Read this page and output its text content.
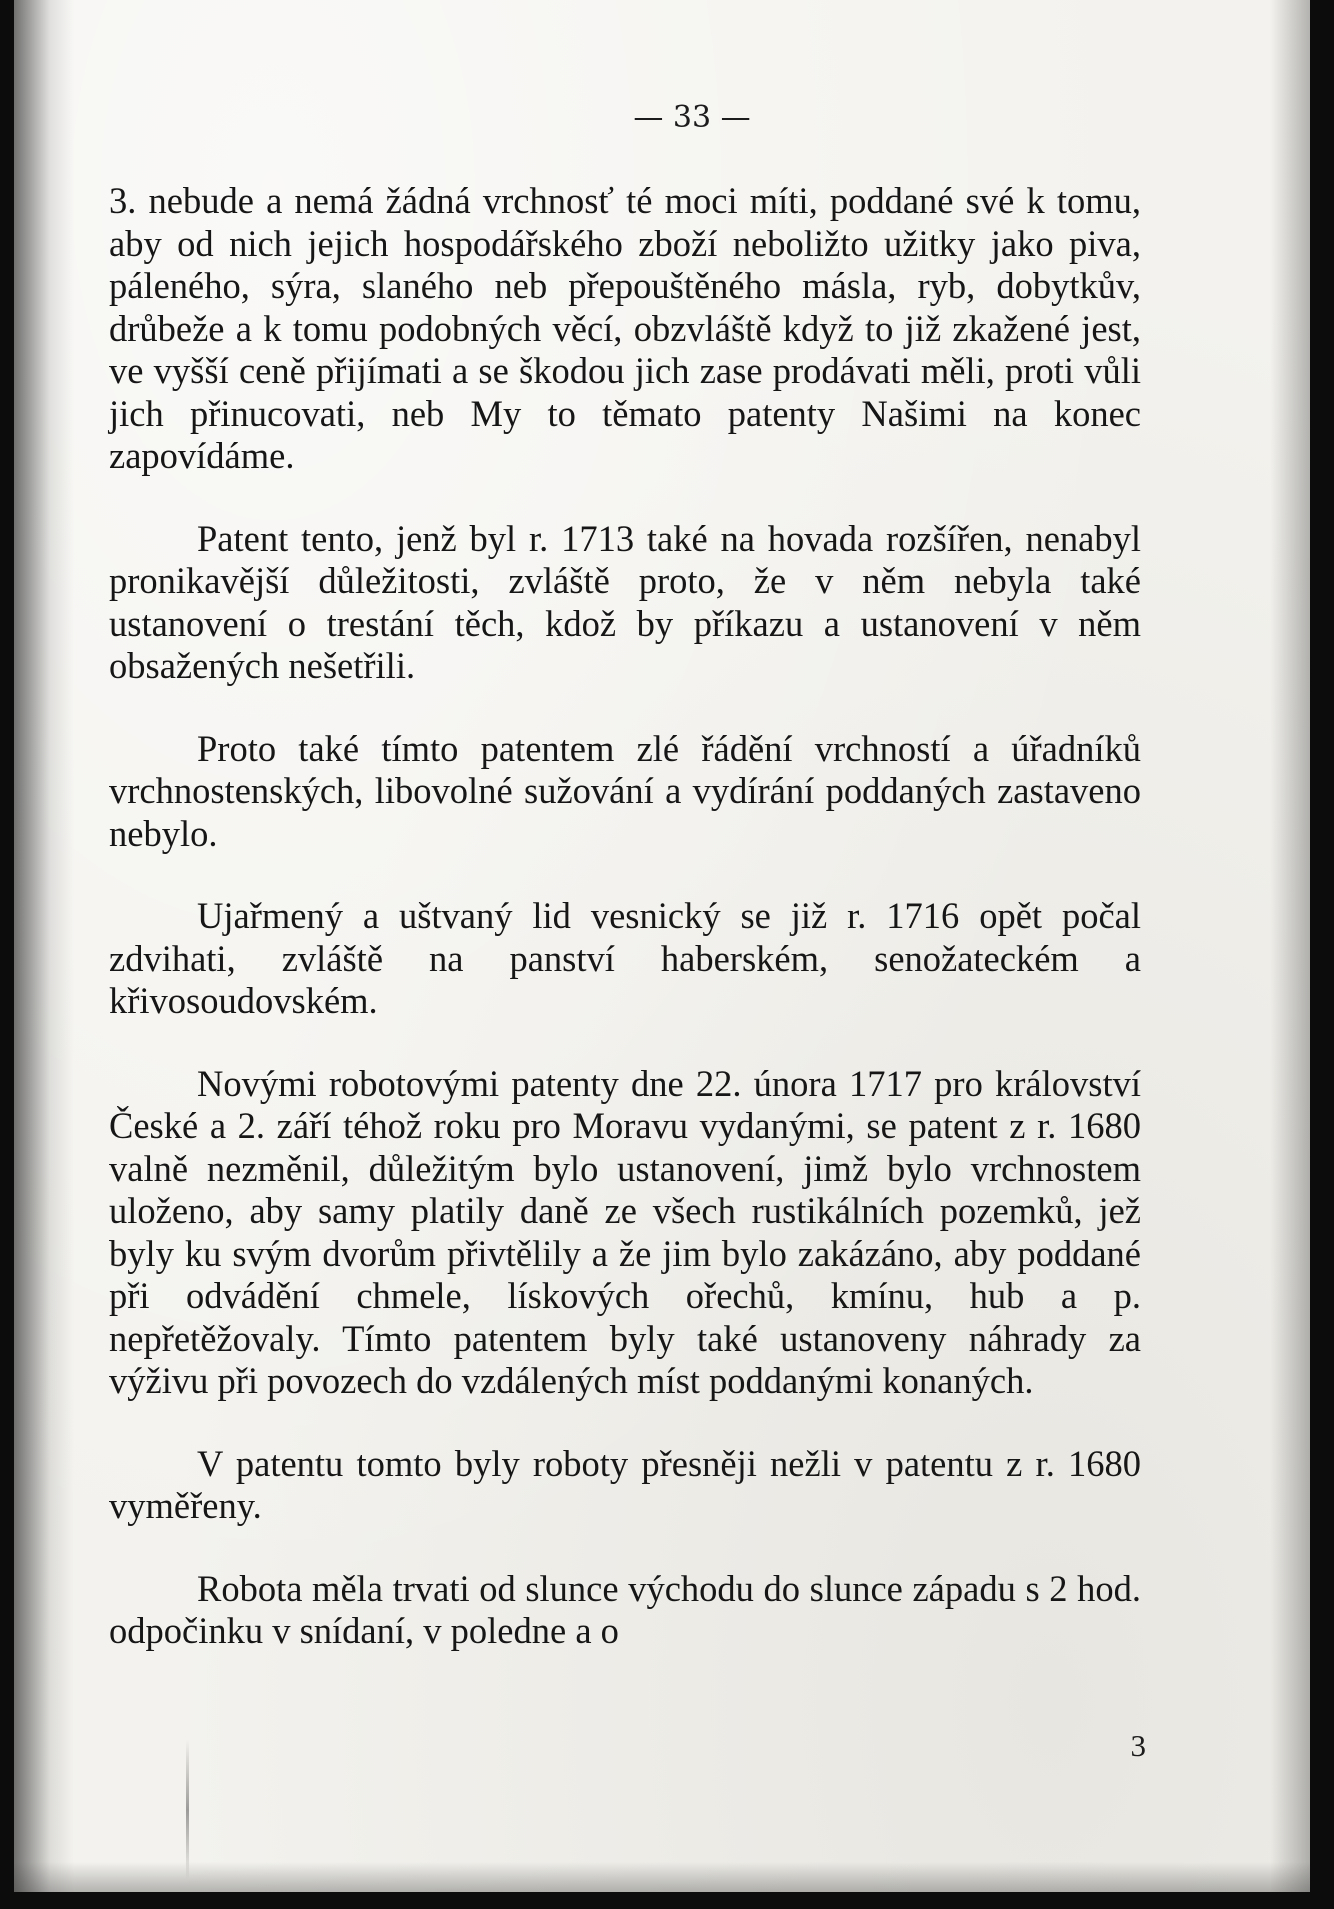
— 33 —

3. nebude a nemá žádná vrchnosť té moci míti, poddané své k tomu, aby od nich jejich hospodářského zboží neboližto užitky jako piva, páleného, sýra, slaného neb přepouštěného másla, ryb, dobytkův, drůbeže a k tomu podobných věcí, obzvláště když to již zkažené jest, ve vyšší ceně přijímati a se škodou jich zase prodávati měli, proti vůli jich přinucovati, neb My to těmato patenty Našimi na konec zapovídáme.

Patent tento, jenž byl r. 1713 také na hovada rozšířen, nenabyl pronikavější důležitosti, zvláště proto, že v něm nebyla také ustanovení o trestání těch, kdož by příkazu a ustanovení v něm obsažených nešetřili.

Proto také tímto patentem zlé řádění vrchností a úřadníků vrchnostenských, libovolné sužování a vydírání poddaných zastaveno nebylo.

Ujařmený a uštvaný lid vesnický se již r. 1716 opět počal zdvihati, zvláště na panství haberském, senožateckém a křivosoudovském.

Novými robotovými patenty dne 22. února 1717 pro království České a 2. září téhož roku pro Moravu vydanými, se patent z r. 1680 valně nezměnil, důležitým bylo ustanovení, jimž bylo vrchnostem uloženo, aby samy platily daně ze všech rustikálních pozemků, jež byly ku svým dvorům přivtělily a že jim bylo zakázáno, aby poddané při odvádění chmele, lískových ořechů, kmínu, hub a p. nepřetěžovaly. Tímto patentem byly také ustanoveny náhrady za výživu při povozech do vzdálených míst poddanými konaných.

V patentu tomto byly roboty přesněji nežli v patentu z r. 1680 vyměřeny.

Robota měla trvati od slunce východu do slunce západu s 2 hod. odpočinku v snídaní, v poledne a o

3
